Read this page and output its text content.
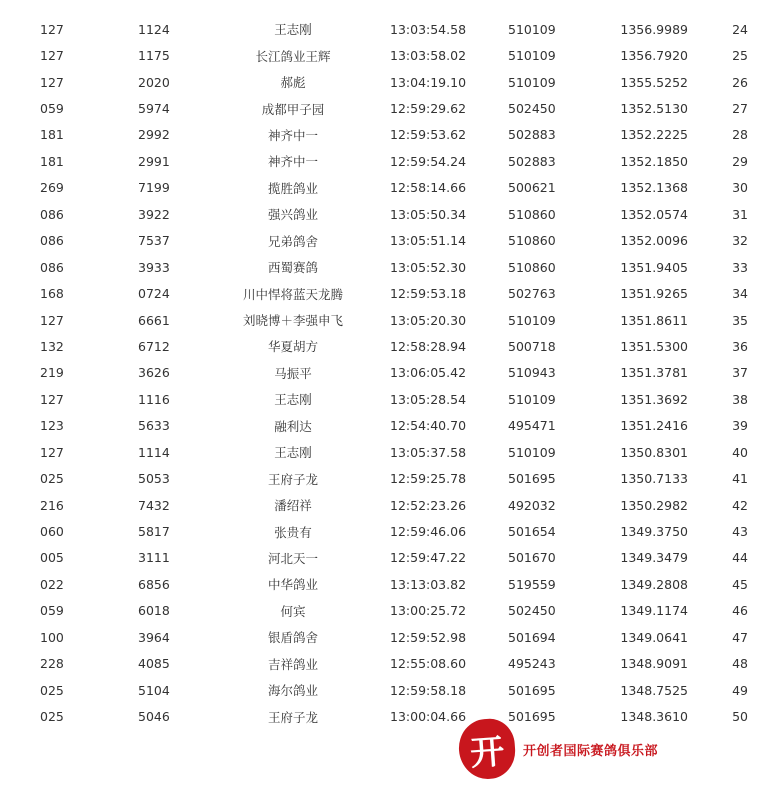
127	1124	王志刚	13:03:54.58	510109	1356.9989	24
127	1175	长江鸽业王辉	13:03:58.02	510109	1356.7920	25
127	2020	郝彪	13:04:19.10	510109	1355.5252	26
059	5974	成都甲子园	12:59:29.62	502450	1352.5130	27
181	2992	神齐中一	12:59:53.62	502883	1352.2225	28
181	2991	神齐中一	12:59:54.24	502883	1352.1850	29
269	7199	揽胜鸽业	12:58:14.66	500621	1352.1368	30
086	3922	强兴鸽业	13:05:50.34	510860	1352.0574	31
086	7537	兄弟鸽舍	13:05:51.14	510860	1352.0096	32
086	3933	西蜀赛鸽	13:05:52.30	510860	1351.9405	33
168	0724	川中悍将蓝天龙腾	12:59:53.18	502763	1351.9265	34
127	6661	刘晓博＋李强申飞	13:05:20.30	510109	1351.8611	35
132	6712	华夏胡方	12:58:28.94	500718	1351.5300	36
219	3626	马振平	13:06:05.42	510943	1351.3781	37
127	1116	王志刚	13:05:28.54	510109	1351.3692	38
123	5633	融利达	12:54:40.70	495471	1351.2416	39
127	1114	王志刚	13:05:37.58	510109	1350.8301	40
025	5053	王府子龙	12:59:25.78	501695	1350.7133	41
216	7432	潘绍祥	12:52:23.26	492032	1350.2982	42
060	5817	张贵有	12:59:46.06	501654	1349.3750	43
005	3111	河北天一	12:59:47.22	501670	1349.3479	44
022	6856	中华鸽业	13:13:03.82	519559	1349.2808	45
059	6018	何宾	13:00:25.72	502450	1349.1174	46
100	3964	银盾鸽舍	12:59:52.98	501694	1349.0641	47
228	4085	吉祥鸽业	12:55:08.60	495243	1348.9091	48
025	5104	海尔鸽业	12:59:58.18	501695	1348.7525	49
025	5046	王府子龙	13:00:04.66	501695	1348.3610	50
开	开创者国际赛鸽俱乐部
